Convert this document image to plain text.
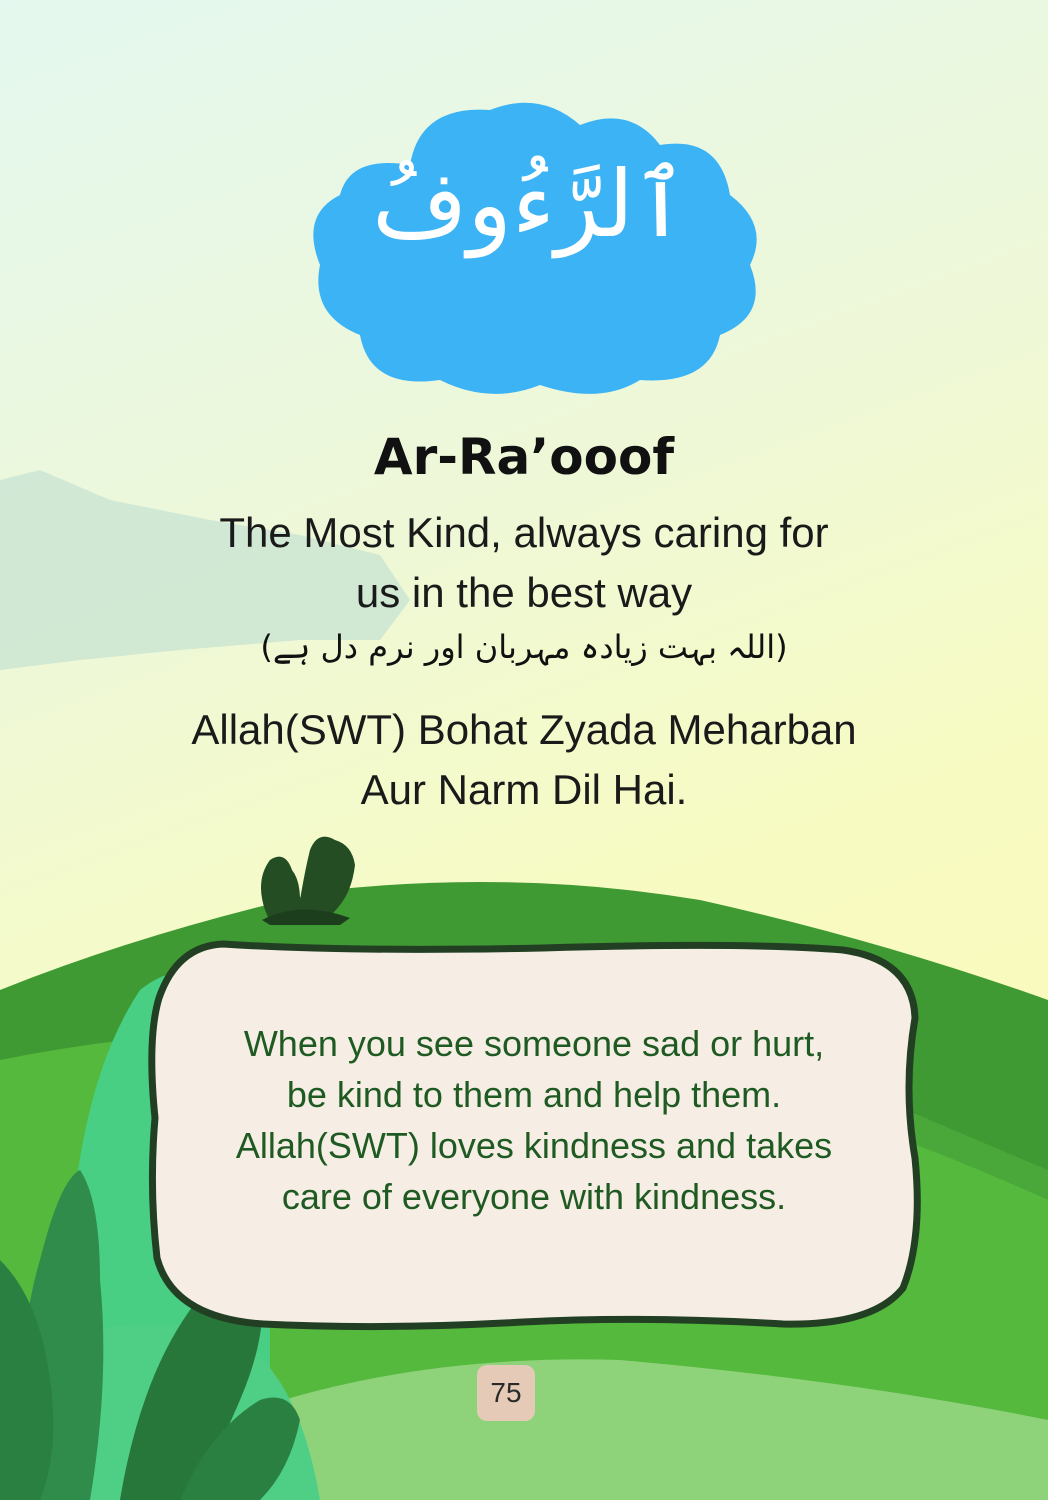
ٱلرَّءُوفُ
Ar-Ra’ooof
The Most Kind, always caring for
us in the best way
(اللہ بہت زیادہ مہربان اور نرم دل ہے)
Allah(SWT) Bohat Zyada Meharban
Aur Narm Dil Hai.
When you see someone sad or hurt,
be kind to them and help them.
Allah(SWT) loves kindness and takes
care of everyone with kindness.
75
